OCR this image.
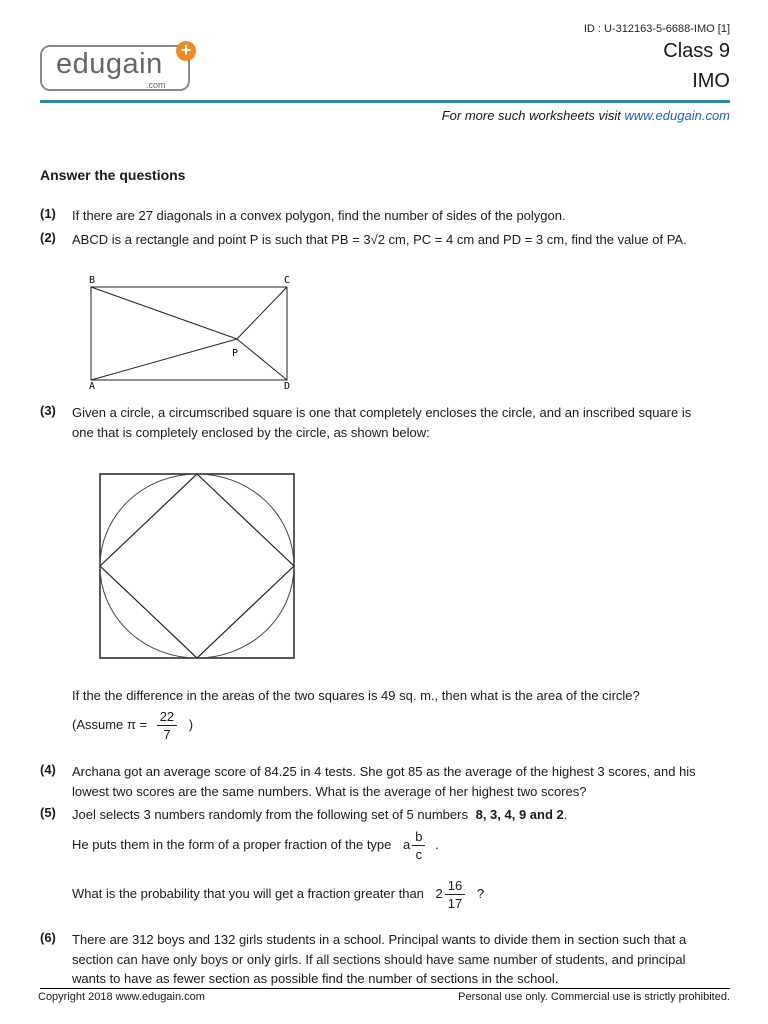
edugain
.com
+
ID : U-312163-5-6688-IMO [1]
Class 9
IMO
For more such worksheets visit www.edugain.com
Answer the questions
(1) If there are 27 diagonals in a convex polygon, find the number of sides of the polygon.
(2) ABCD is a rectangle and point P is such that PB = 3√2 cm, PC = 4 cm and PD = 3 cm, find the value of PA.
B	C
P
A	D
(3) Given a circle, a circumscribed square is one that completely encloses the circle, and an inscribed square is one that is completely enclosed by the circle, as shown below:
If the the difference in the areas of the two squares is 49 sq. m., then what is the area of the circle?
(Assume $\pi = \frac{22}{7}$ )
(4) Archana got an average score of 84.25 in 4 tests. She got 85 as the average of the highest 3 scores, and his lowest two scores are the same numbers. What is the average of her highest two scores?
(5) Joel selects 3 numbers randomly from the following set of 5 numbers 8, 3, 4, 9 and 2.
He puts them in the form of a proper fraction of the type a $\frac{b}{c}$ .
What is the probability that you will get a fraction greater than $2 \frac{16}{17}$ ?
(6) There are 312 boys and 132 girls students in a school. Principal wants to divide them in section such that a section can have only boys or only girls. If all sections should have same number of students, and principal wants to have as fewer section as possible find the number of sections in the school.
Copyright 2018 www.edugain.com	Personal use only. Commercial use is strictly prohibited.
